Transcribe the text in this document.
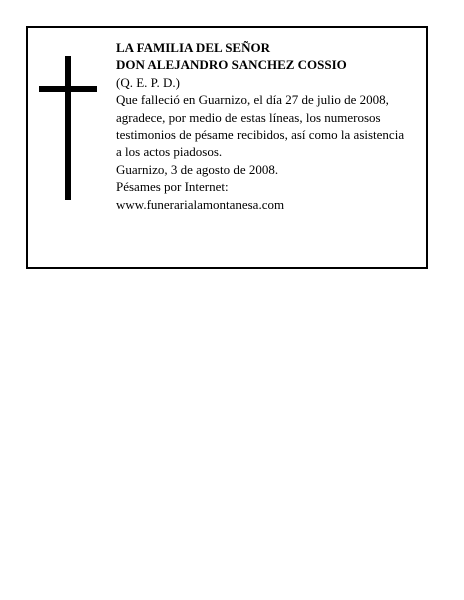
LA FAMILIA DEL SEÑOR
DON ALEJANDRO SANCHEZ COSSIO
(Q. E. P. D.)
Que falleció en Guarnizo, el día 27 de julio de 2008,
agradece, por medio de estas líneas, los numerosos
testimonios de pésame recibidos, así como la asistencia
a los actos piadosos.
Guarnizo, 3 de agosto de 2008.
Pésames por Internet:
www.funerarialamontanesa.com
